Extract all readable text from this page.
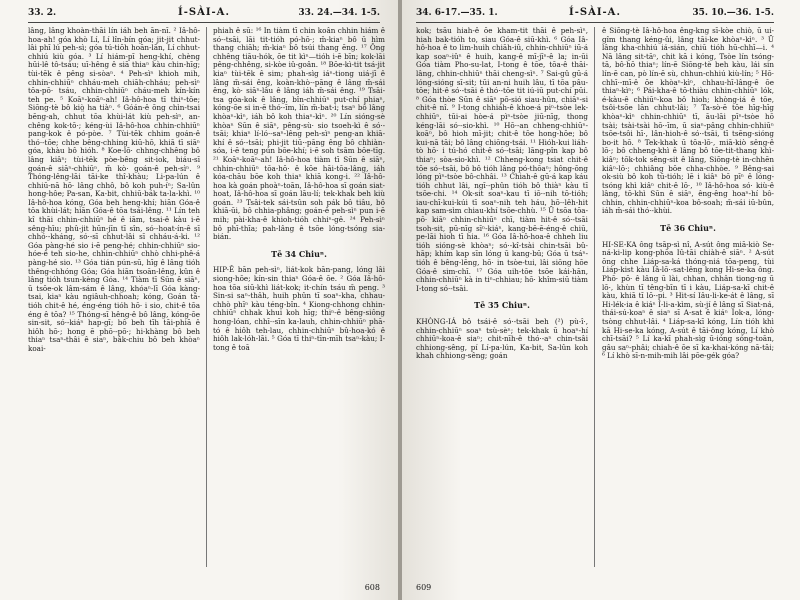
33. 2.	Í-SÀI-A.	33. 24.—34. 1-5.

lâng, lâng khoàn-thāi lín iáh beh ān-nī. ² Iâ-hô-hoa-ah! góa khò Lí, Lí lîn-bín góa; jit-jit chhut-lâi phī lú peh-sì; góa tú-tiōh hoān-lān, Lí chhut-chhiú kiù góa. ³ Lí hiám-pī heng-khí, chèng hūi-lê tô-tsáu; uī-hêng ê siā thiaⁿ kàu chin-hīg; tùi-tēk ê pêng si-sòaⁿ. ⁴ Peh-sìⁿ khioh mih, chhin-chhiūⁿ chháu-meh chiāh-chháu; peh-sìⁿ tōa-pō· tsáu, chhin-chhiūⁿ cháu-meh kín-kín teh pe. ⁵ Koāⁿ-koāⁿ-ah! Iâ-hô-hoa tī thiⁿ-tōe; Siōng-tè bô kiò̤ ha tiàⁿ. ⁶ Góán-ê ōng chìn-tsai bēng-ah, chhut tōa khùi-lát kiù peh-sìⁿ, an-chêng kok-tō·; kéng-ùi Iâ-hô-hoa chhin-chhiūⁿ pang-kok ê pó-pòe. ⁷ Tùi-tēk chhim goán-ê thó·-tōe; chhe bêng-chhing kiū-hō, khiā tī siāⁿ góa, khàu bô hióh. ⁸ Koe-lō· chhng-chhêng bô lâng kiâⁿ; tùi-tēk pòe-bêng sit-iok, biáu-sī goán-ê siāⁿ-chhiūⁿ, m̄ kò· goán-ê peh-sìⁿ. ⁹ Thóng-lêng-lāi tāi-ke thî-khàu; Li-pa-lún ê chhiū-nā hō· lâng chhô, bô koh puh-íⁿ; Sa-lûn hong-hôe; Pa-san, Ka-bit, chhiū-bák ta-la-khì. ¹⁰ Iâ-hô-hoa kóng, Góa beh heng-khí; hiān Góa-ê tōa khùi-lát; hiān Góa-ê tōa tsái-lêng. ¹¹ Lín teh kî thāi chhin-chhiūⁿ hé ê iām, tsai-ê kàu i-ē sêng-hīu; phû-jit hūn-jīn tī sîn, só·-hoat-ín-ê sī chhó·-kháng, só·-sī chhut-lâi sī chháu-á-ki. ¹² Góa pàng-hé sio i-ē peng-hé; chhin-chhiūⁿ sio-hóe-ê teh sio-he, chhin-chhiūⁿ chhò chhi-phê-á pàng-hé sio. ¹³ Góa tián pún-sū, hīg ê lâng tióh thêng-chhóng Góa; Góa hiān tsoān-lêng, kûn ê lâng tióh tsun-kèng Góa. ¹⁴ Tiàm tī Sūn ê siāⁿ, ū tsōe-ok lâm-sám ê lâng, khóaⁿ-lī Góa kàng-tsai, kiaⁿ kàu ngiâuh-chhoah; kóng, Goán tā-tióh chit-ê hé, éng-éng tióh hō· i sio, chit-ê tōa éng ê tōa? ¹⁵ Thóng-sī hêng-ê bô lâng, kóng-ōe sin-sit, só·-kiáⁿ hap-gī; bô beh tīh tāi-phiā ê hiôh hō·; hong ē phō·-pō·; hi-khàng bô beh thiaⁿ tsaⁿ-thâi ê siaⁿ, bâk-chiu bô beh khòaⁿ koai-

phiah ê sū: ¹⁶ In tiàm tī chin koân chhin hiám ê só·-tsāi, lāi tit-tióh pó-hō·; m̄-kiaⁿ bô ū hìm thang chiāh; m̄-kiaⁿ bô tsúi thang ēng. ¹⁷ Ông chhêng tiāu-hók, ōe tit kìⁿ—tióh i-ē bīn; kok-lāi pêng-chhêng, si-kòe iû-goân. ¹⁸ Bōe-kì-tit tsá-jit kiaⁿ tùi-tēk ê sim; phah-sìg iáⁿ-tiong uiá-jī ê lâng m̄-sái êng, koàn-khò·-pāng ê lâng m̄-sái êng, kò· siāⁿ-lâu ê lâng iáh m̄-sái êng. ¹⁹ Tsāi-tsa góa-kok ê lâng, bîn-chhiūⁿ put-chí phiaⁿ, kóng-ōe si in-ē thó·-īm, lín m̄-bat-i; tsaⁿ bô lâng khòaⁿ-kìⁿ, iáh bô koh thiaⁿ-kìⁿ. ²⁰ Lín sióng-sè khòaⁿ Sūn ê siāⁿ, pêng-sù· sio tsoeh-kì ê só·-tsāi; khiaⁿ lí-ló·-saⁿ-lêng peh-sìⁿ peng-an khiā-khí ê só·-tsāi; phi-jit tiū·-pāng êng bô chhiàn-sóa, i-ē teng pún bōe-khí; i-ē soh tsām bōe-tīg. ²¹ Koāⁿ-koāⁿ-ah! Iâ-hô-hoa tiàm tī Sūn ê siāⁿ, chhin-chhiūⁿ tōa-hō· ê kōe hāi-tōa-lâng, iáh kóa-chāu bōe koh thiaⁿ khiā kong-i. ²² Iâ-hô-hoa kà goán phoàⁿ-toān, Iâ-hô-hoa sī goán siat-hoat, Iâ-hô-hoa sī goán lāu-lí; tek-khak beh kiù goán. ²³ Tsâi-tek sái-tsûn soh pák bô tiâu, bô khiā-ūi, bô chhia-phâng; goán-ê peh-sìⁿ pun i-ē mih; pài-kha-ê khioh-tióh chhiⁿ-gê. ²⁴ Peh-sìⁿ bô phī-thīa; pah-lâng ê tsōe lóng-tsóng sia-bián.

Tē 34 Chiuⁿ.

HIP-Ê bān peh-sìⁿ, liát-kok bān-pang, lóng lâi siong-hōe; kín-sin thiaⁿ Góa-ê ōe. ² Góa Iâ-hô-hoa tōa siū-khì liát-kok; it-chín tsáu m̄ peng. ³ Sin-si saⁿ-thâh, huih phûn tī soaⁿ-kha, chhau-chhò phīⁿ kàu téng-bîn. ⁴ Kiong-chhong chhin-chhiūⁿ chhak khui koh hīg; thiⁿ-ê bêng-siông hong-lóan, chhī·-sīn ka-lauh, chhin-chhiūⁿ phā-tó ê hiôh teh-lau, chhin-chhiūⁿ bû-hoa-kó ê hiôh lak-lóh-lāi. ⁵ Góa tī thiⁿ-tīn-mīh tsaⁿ-kàu; I-tong ê toā

608
34. 6-17.—35. 1.	Í-SÀI-A.	35. 10.—36. 1-5.

kok; tsāu hiah-ê ōe kham-tit thāi ê peh-sìⁿ, hiah bak-tióh to, siau Góa-ê siū-khì. ⁶ Góa Iâ-hô-hoa ê to lim-huih chiāh-iû, chhin-chhiūⁿ iū-á kap soaⁿ-iûⁿ ê huih, kang-ê mī-jīⁿ-ê la; in-ūi Góa tiàm Pho-su-lat, I-tong ê tōe, tōa-ê thāi-lâng, chhin-chhiūⁿ thāi cheng-sìⁿ. ⁷ Sai-gû gū-á lóng-sióng sī-sit; tūi an-ni huih lâu, tī tōa pâu-tōe; hit-ê só·-tsāi ê thó·-tōe tit iú-iū put-chí pūi. ⁸ Góa thòe Sūn ê siāⁿ pō-sió siau-hûn, chiāⁿ-si chit-ê nî. ⁹ I-tong chhiáh-ê khoe-á piⁿ-tsòe lek-chhiūⁿ, tūi-ai hòe-á pìⁿ-tsòe jiū-nīg, thong kéng-lāi só·-sio-khì. ¹⁰ Hō·-an chheng-chhiūⁿ-koāⁿ, bô hioh mī-jit; chit-ê tōe hong-hōe; bô kui-nā tāi; bô lâng chiōng-tsái. ¹¹ Hióh-kui liáh-tò hō· i tú-hó chit-ê só·-tsāi; lāng-pîn kap bô thiaⁿ; sòa-sio-khì. ¹² Chheng-kong tsiat chit-ê tōe só·-tsāi, bô bô tióh lâng pó-thōaⁿ; hông-ōng lóng pìⁿ-tsòe bô-chhâi. ¹³ Chiah-ê gū-á kap káu tióh chhut lâi, ngī·-phûn tióh bô thiàⁿ kàu tī tsōe-chi. ¹⁴ Ok-sit soaⁿ-kau tī iō·-nih tō-tióh; iau-chī·kui-kúi tī soaⁿ-nih teh háu, hō·-lêh-hit kap sam-sìm chiau-khí tsōe-chhù. ¹⁵ Ū tsōa tōa-pō· kiāⁿ chhin-chhiūⁿ chī, tiàm hit-ê só·-tsāi tsoh-sit, pū-nīg sīⁿ-kiáⁿ, kang-bē-ē-éng-ê chiū, pe-lāi hioh tī hia. ¹⁶ Góa Iâ-hô-hoa-ê chheh liu tióh sióng-sè khòaⁿ; só·-kî-tsài chin-tsāi bû-hāp; khím kap sīn lóng ū kang-bū; Góa ū tsáⁿ-tióh ê bêng-lēng, hō· in tsòe-tui, lâi siōng hōe Góa-ê sim-chī. ¹⁷ Góa uih-tōe tsōe kái-hān, chhin-chhiūⁿ kà in tiⁿ-chhiau; hō· khîm-siū tiàm I-tong só·-tsāi.

Tē 35 Chiuⁿ.

KHÒNG-IÁ bô tsái-ê só·-tsāi beh (²) pù-î·, chhin-chhiūⁿ soaⁿ tsù-sèⁿ; tek-khak ū hoaⁿ-hí chhiūⁿ-koa-ê siaⁿ; chit-nīh-ê thó·-aⁿ chin-tsâi chhiong-sêng, pí Lí-pa-lún, Ka-bit, Sa-lûn koh khah chhiong-sêng; goán

ê Siōng-tè Iâ-hô-hoa êng-kng sī-kòe chiò, ū ui-gîm thang kéng-ûi, lâng tāi-ke khòaⁿ-kìⁿ. ³ Ū lâng kha-chhiú iá-sián, chiū tióh hū-chhī—i. ⁴ Nā lâng sit-tāⁿ, chit kā i kóng, Tsòe lín tsóng-tā, bô·hō thiaⁿ; lín-ē Siōng-tè beh kàu, lái sin lín-ē can, pò lín-ē sù, chhun-chhiú kiù-lín; ⁵ Hō· chhī·-mī-ê ōe khòaⁿ-kìⁿ, chhau-hī-lâng-ê ōe thiaⁿ-kìⁿ; ⁶ Pái-kha-ê tō-thiàu chhin-chhiūⁿ lók, é-kàu-ê chhiūⁿ-koa bô hioh; khòng-iá ê tōe, tsôi-tsōe lān chhut-lâi; ⁷ Ta-sò-ē tōe hīg-hīg khòaⁿ-kìⁿ chhin-chhiūⁿ tī, āu-lāi pīⁿ-tsòe hō tsài; tsài-tsài hō·-īm, ū siaⁿ-pâng chhin-chhiūⁿ tsōe-tsôi hī·, lân-hioh-ê só·-tsāi, tī tsēng-sióng bo-it hō. ⁸ Tek-khak ū tōa-lō·, miā-kiò sêng-ê lō·; bô chheng-khì ê lâng bô tōe-tit-thang khì-kiâⁿ; tōk-tok sêng-sit ê lâng, Siōng-tè in-chhēn kiâⁿ-lō·; chhiâng bōe chha-chhòe. ⁹ Bêng-sai ok-siù bô koh tū-tióh; lē i kiâⁿ bō pīⁿ ê lóng-tsóng khì kiâⁿ chit-ê lō·, ¹⁰ Iâ-hô-hoa só· kiù-ê lâng, tō-khì Sūn ê siāⁿ, êng-êng hoaⁿ-hí bô-chhin, chhin-chhiūⁿ-koa bô-soah; m̄-sái iū-bûn, iáh m̄-sái thó·-khùi.

Tē 36 Chiuⁿ.

HI-SE-KA ông tsāp-sì nî, A-sút ông miā-kiò Se-ná-ki-lip kong-phōa Iû-tāi chiàh-ê siāⁿ. ² A-sút ōng chhe Liáp-sa-ká thóng-niá tōa-peng, tùi Liáp-kist kàu Iâ-lō·-sat-lêng kong Hi-se-ka ông. Phō· pō· ê lâng ū lài, chhan, chhân tiong-ng ū lō·, khùn tī têng-bīn tī i kàu, Liáp-sa-kī chit-ê kàu, khiā tī lō·-pi. ³ Hit-sí Iâu-li-ke-át ê lâng, sī Hi-lék-ia ê kiáⁿ Í-li-a-kìm, sù-jí ê lâng sī Siat-ná, thái-sú-koaⁿ ê siaⁿ sī A-sat ê kiáⁿ Iok-a, lóng-tsòng chhut-lâi. ⁴ Liáp-sa-kī kóng, Lín tióh khì kā Hi-se-ka kóng, A-sút ê tāi-ông kóng, Lí khò chī-tsāi? ⁵ Lí ka-kī phah-sìg ū-ióng sóng-toān, gâu saⁿ-phâi; chiah-ê ōe sī ka-khai-kóng nā-tāi; ⁶ Lí khò sī-n-mih-mih lâi pōe-gék góa?

609
